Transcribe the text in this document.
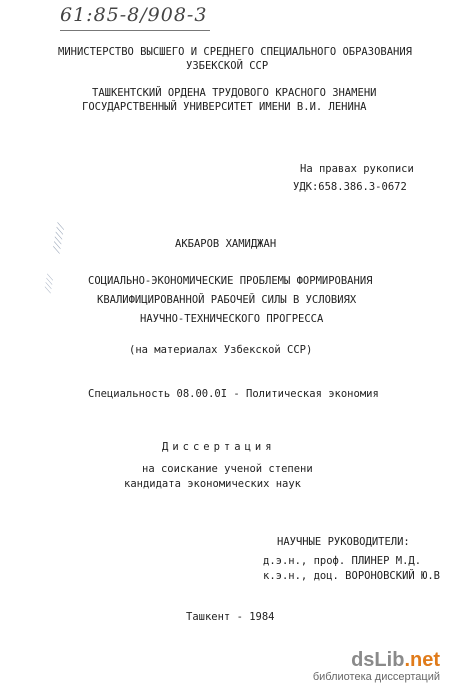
61:85-8/908-3
⁄ ⁄ ⁄ ⁄ ⁄ ⁄
⁄ ⁄ ⁄ ⁄
МИНИСТЕРСТВО ВЫСШЕГО И СРЕДНЕГО СПЕЦИАЛЬНОГО ОБРАЗОВАНИЯ
УЗБЕКСКОЙ ССР
ТАШКЕНТСКИЙ ОРДЕНА ТРУДОВОГО КРАСНОГО ЗНАМЕНИ
ГОСУДАРСТВЕННЫЙ УНИВЕРСИТЕТ ИМЕНИ В.И. ЛЕНИНА
На правах рукописи
УДК:658.386.3-0672
АКБАРОВ ХАМИДЖАН
СОЦИАЛЬНО-ЭКОНОМИЧЕСКИЕ ПРОБЛЕМЫ ФОРМИРОВАНИЯ
КВАЛИФИЦИРОВАННОЙ РАБОЧЕЙ СИЛЫ В УСЛОВИЯХ
НАУЧНО-ТЕХНИЧЕСКОГО ПРОГРЕССА
(на материалах Узбекской ССР)
Специальность 08.00.0I - Политическая экономия
Диссертация
на соискание ученой степени
кандидата экономических наук
НАУЧНЫЕ РУКОВОДИТЕЛИ:
д.э.н., проф. ПЛИНЕР М.Д.
к.э.н., доц. ВОРОНОВСКИЙ Ю.В
Ташкент - 1984
dsLib.net
библиотека диссертаций
